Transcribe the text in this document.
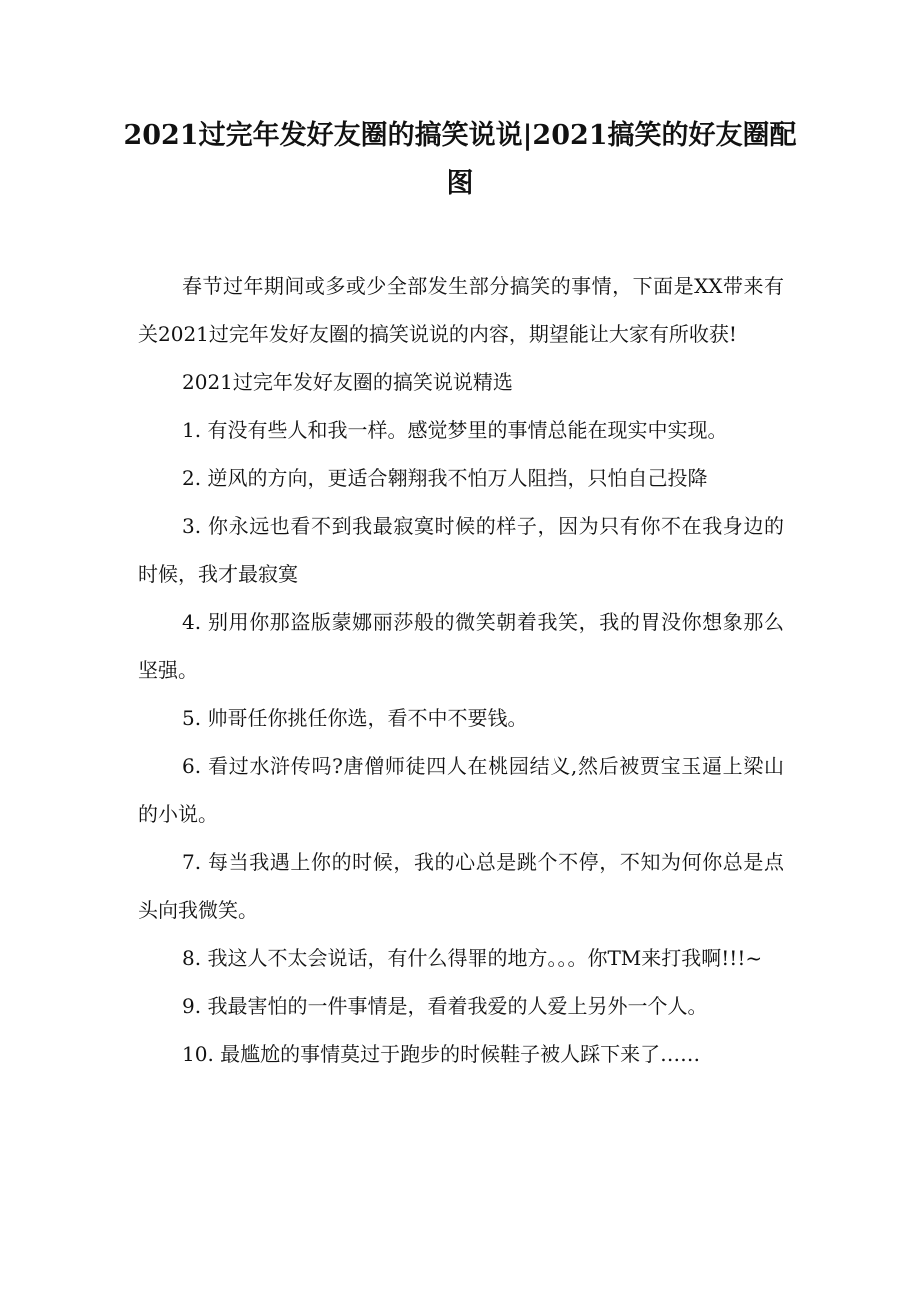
2021过完年发好友圈的搞笑说说|2021搞笑的好友圈配图

春节过年期间或多或少全部发生部分搞笑的事情，下面是XX带来有关2021过完年发好友圈的搞笑说说的内容，期望能让大家有所收获!

2021过完年发好友圈的搞笑说说精选

1. 有没有些人和我一样。感觉梦里的事情总能在现实中实现。

2. 逆风的方向，更适合翱翔我不怕万人阻挡，只怕自己投降

3. 你永远也看不到我最寂寞时候的样子，因为只有你不在我身边的时候，我才最寂寞

4. 别用你那盗版蒙娜丽莎般的微笑朝着我笑，我的胃没你想象那么坚强。

5. 帅哥任你挑任你选，看不中不要钱。

6. 看过水浒传吗?唐僧师徒四人在桃园结义,然后被贾宝玉逼上梁山的小说。

7. 每当我遇上你的时候，我的心总是跳个不停，不知为何你总是点头向我微笑。

8. 我这人不太会说话，有什么得罪的地方。。。你TM来打我啊!!!~

9. 我最害怕的一件事情是，看着我爱的人爱上另外一个人。

10. 最尴尬的事情莫过于跑步的时候鞋子被人踩下来了……
